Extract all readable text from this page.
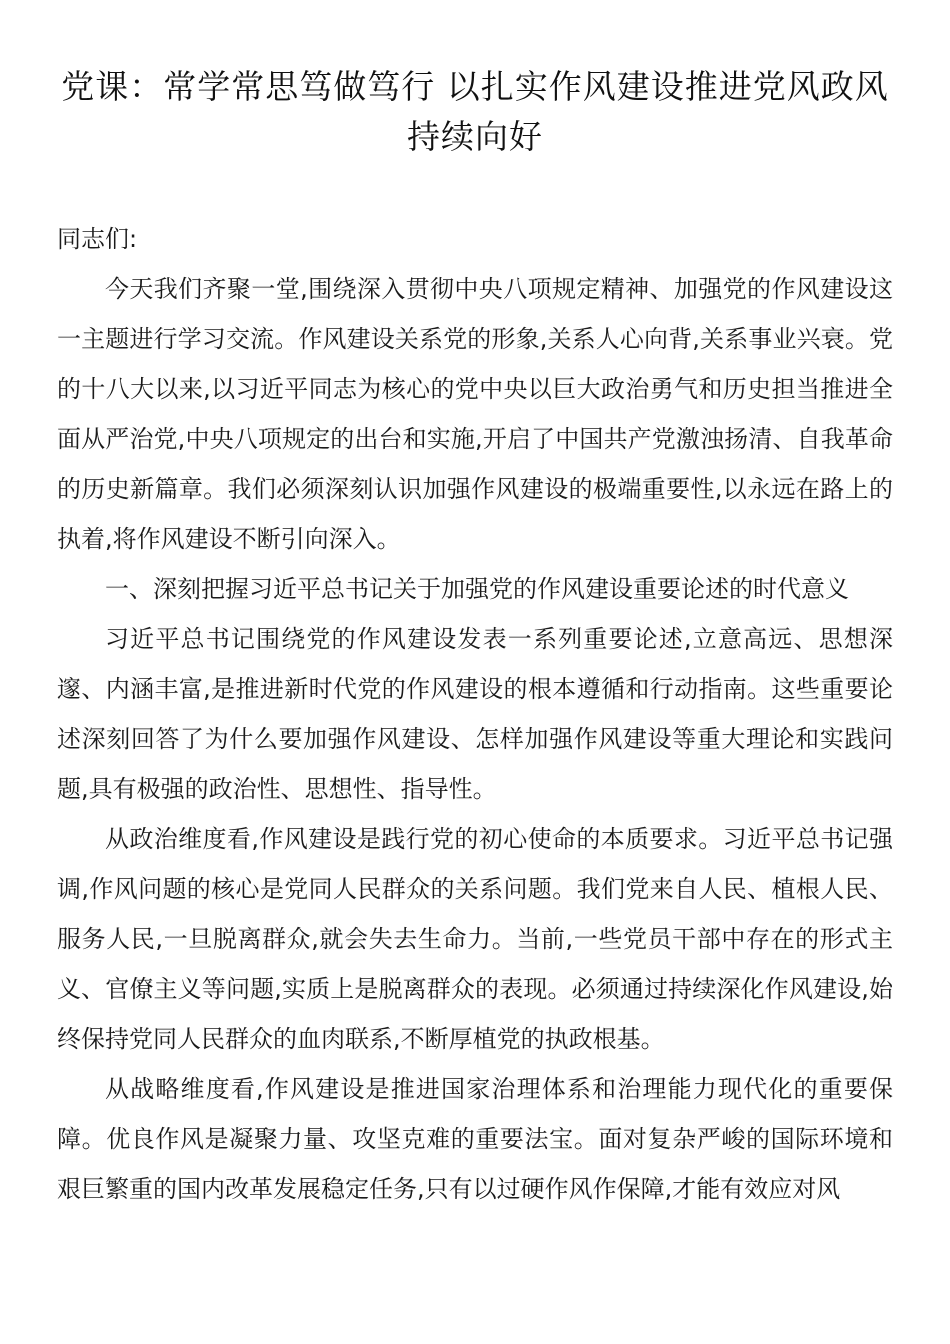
党课：常学常思笃做笃行 以扎实作风建设推进党风政风持续向好

同志们:

今天我们齐聚一堂,围绕深入贯彻中央八项规定精神、加强党的作风建设这一主题进行学习交流。作风建设关系党的形象,关系人心向背,关系事业兴衰。党的十八大以来,以习近平同志为核心的党中央以巨大政治勇气和历史担当推进全面从严治党,中央八项规定的出台和实施,开启了中国共产党激浊扬清、自我革命的历史新篇章。我们必须深刻认识加强作风建设的极端重要性,以永远在路上的执着,将作风建设不断引向深入。

一、深刻把握习近平总书记关于加强党的作风建设重要论述的时代意义

习近平总书记围绕党的作风建设发表一系列重要论述,立意高远、思想深邃、内涵丰富,是推进新时代党的作风建设的根本遵循和行动指南。这些重要论述深刻回答了为什么要加强作风建设、怎样加强作风建设等重大理论和实践问题,具有极强的政治性、思想性、指导性。

从政治维度看,作风建设是践行党的初心使命的本质要求。习近平总书记强调,作风问题的核心是党同人民群众的关系问题。我们党来自人民、植根人民、服务人民,一旦脱离群众,就会失去生命力。当前,一些党员干部中存在的形式主义、官僚主义等问题,实质上是脱离群众的表现。必须通过持续深化作风建设,始终保持党同人民群众的血肉联系,不断厚植党的执政根基。

从战略维度看,作风建设是推进国家治理体系和治理能力现代化的重要保障。优良作风是凝聚力量、攻坚克难的重要法宝。面对复杂严峻的国际环境和艰巨繁重的国内改革发展稳定任务,只有以过硬作风作保障,才能有效应对风
